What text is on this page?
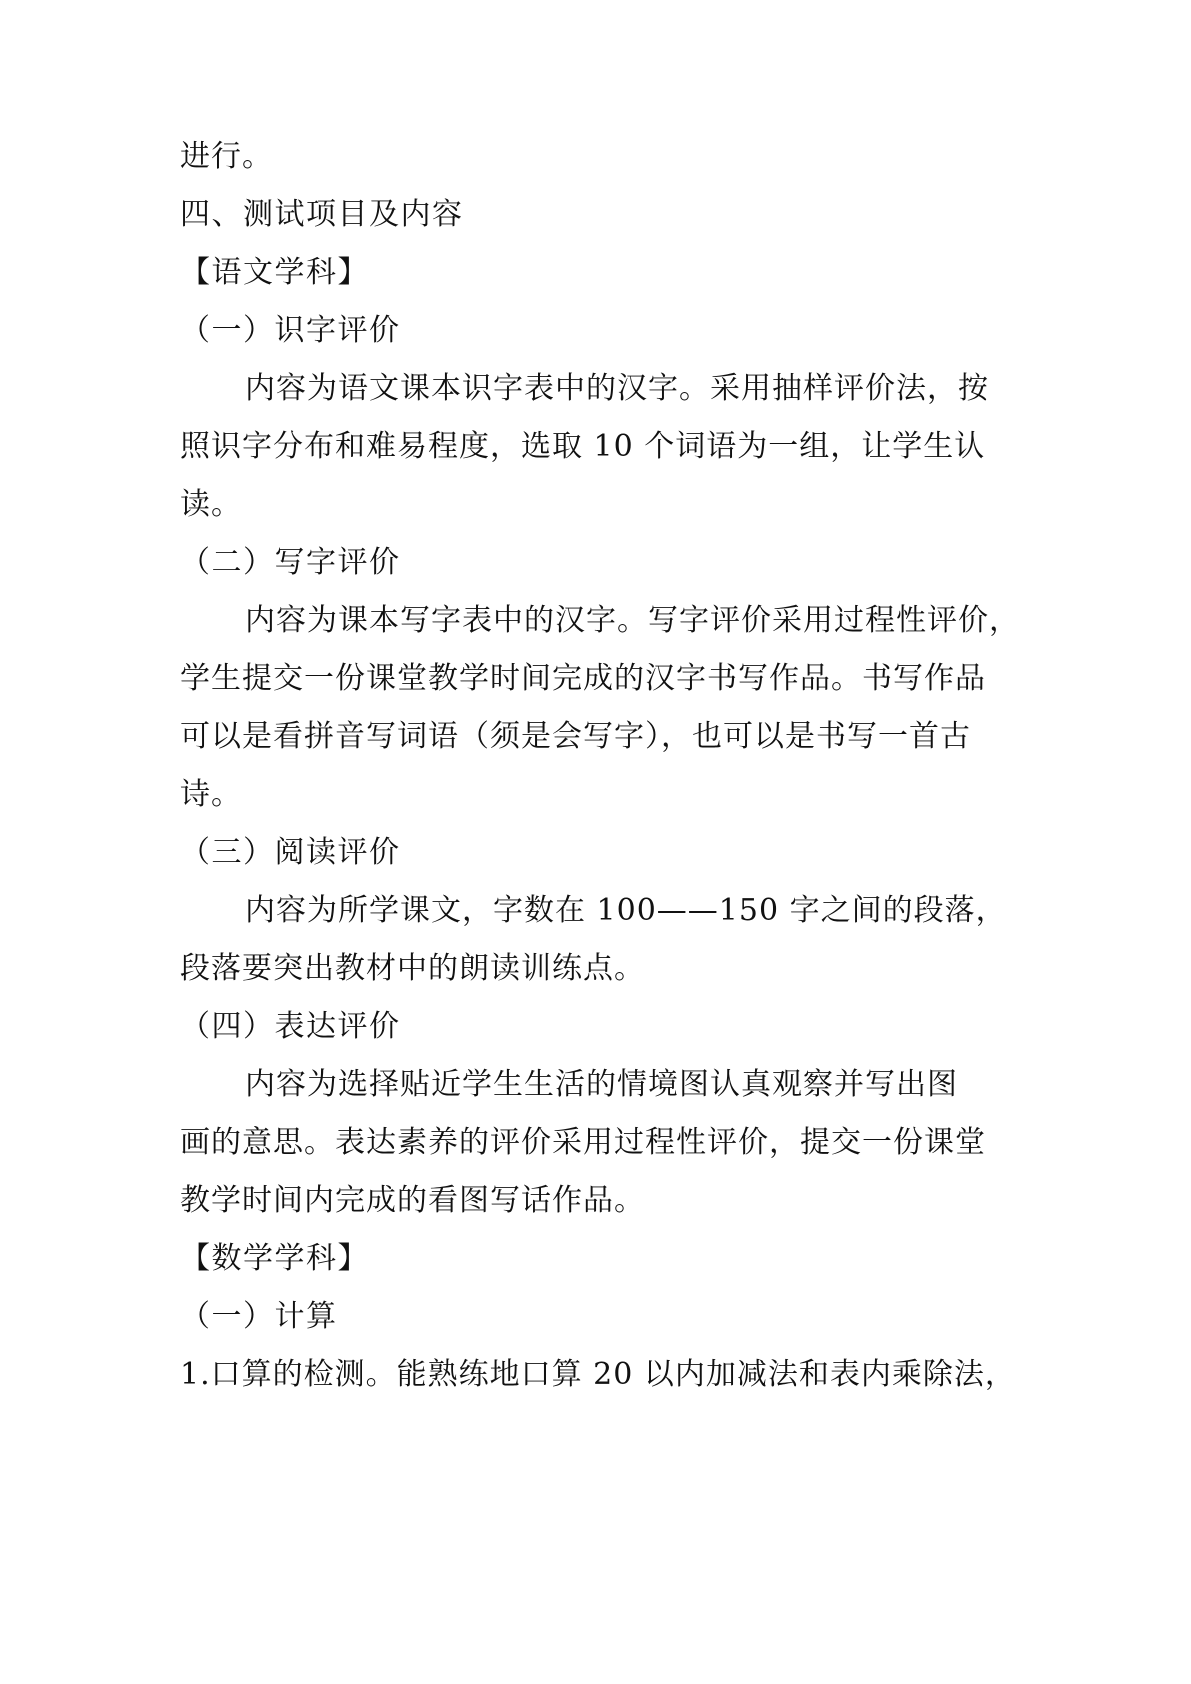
进行。
四、测试项目及内容
【语文学科】
（一）识字评价
内容为语文课本识字表中的汉字。采用抽样评价法，按
照识字分布和难易程度，选取 10 个词语为一组，让学生认
读。
（二）写字评价
内容为课本写字表中的汉字。写字评价采用过程性评价，
学生提交一份课堂教学时间完成的汉字书写作品。书写作品
可以是看拼音写词语（须是会写字），也可以是书写一首古
诗。
（三）阅读评价
内容为所学课文，字数在 100——150 字之间的段落，
段落要突出教材中的朗读训练点。
（四）表达评价
内容为选择贴近学生生活的情境图认真观察并写出图
画的意思。表达素养的评价采用过程性评价，提交一份课堂
教学时间内完成的看图写话作品。
【数学学科】
（一）计算
1.口算的检测。能熟练地口算 20 以内加减法和表内乘除法，
